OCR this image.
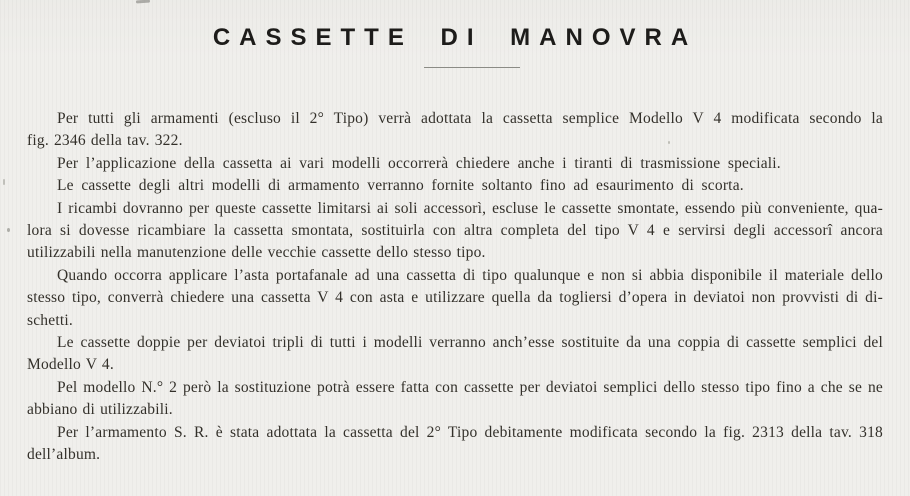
CASSETTE DI MANOVRA
Per tutti gli armamenti (escluso il 2° Tipo) verrà adottata la cassetta semplice Modello V 4 modificata secondo la
fig. 2346 della tav. 322.
Per l’applicazione della cassetta ai vari modelli occorrerà chiedere anche i tiranti di trasmissione speciali.
Le cassette degli altri modelli di armamento verranno fornite soltanto fino ad esaurimento di scorta.
I ricambi dovranno per queste cassette limitarsi ai soli accessorì, escluse le cassette smontate, essendo più conveniente, qua-
lora si dovesse ricambiare la cassetta smontata, sostituirla con altra completa del tipo V 4 e servirsi degli accessorî ancora
utilizzabili nella manutenzione delle vecchie cassette dello stesso tipo.
Quando occorra applicare l’asta portafanale ad una cassetta di tipo qualunque e non si abbia disponibile il materiale dello
stesso tipo, converrà chiedere una cassetta V 4 con asta e utilizzare quella da togliersi d’opera in deviatoi non provvisti di di-
schetti.
Le cassette doppie per deviatoi tripli di tutti i modelli verranno anch’esse sostituite da una coppia di cassette semplici del
Modello V 4.
Pel modello N.° 2 però la sostituzione potrà essere fatta con cassette per deviatoi semplici dello stesso tipo fino a che se ne
abbiano di utilizzabili.
Per l’armamento S. R. è stata adottata la cassetta del 2° Tipo debitamente modificata secondo la fig. 2313 della tav. 318
dell’album.
